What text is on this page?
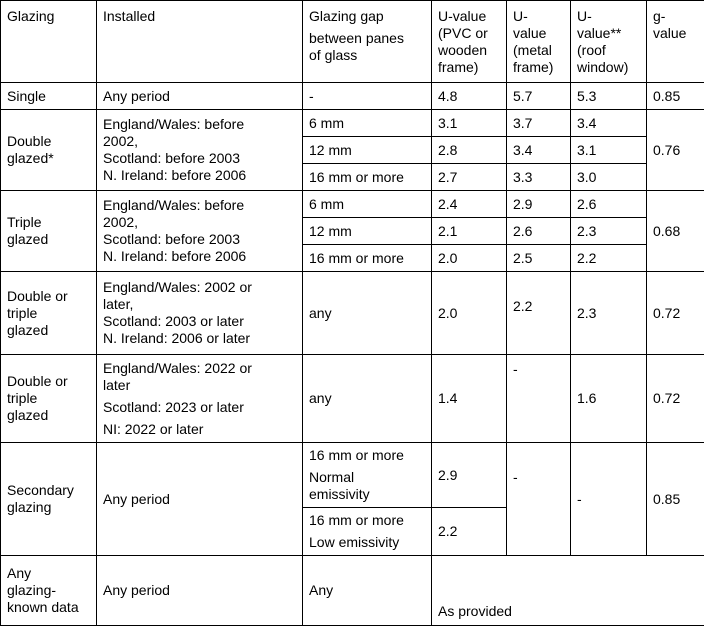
Glazing	Installed	Glazing gap
between panes
of glass	U-value
(PVC or
wooden
frame)	U-
value
(metal
frame)	U-
value**
(roof
window)	g-
value

Single	Any period	-	4.8	5.7	5.3	0.85

Double
glazed*	England/Wales: before
2002,
Scotland: before 2003
N. Ireland: before 2006	6 mm	3.1	3.7	3.4	0.76
		12 mm	2.8	3.4	3.1	
		16 mm or more	2.7	3.3	3.0	

Triple
glazed	England/Wales: before
2002,
Scotland: before 2003
N. Ireland: before 2006	6 mm	2.4	2.9	2.6	0.68
		12 mm	2.1	2.6	2.3	
		16 mm or more	2.0	2.5	2.2	

Double or
triple
glazed	England/Wales: 2002 or
later,
Scotland: 2003 or later
N. Ireland: 2006 or later	any	2.0	2.2	2.3	0.72

Double or
triple
glazed	England/Wales: 2022 or
later
Scotland: 2023 or later
NI: 2022 or later	any	1.4	-	1.6	0.72

Secondary
glazing	Any period	16 mm or more
Normal
emissivity	2.9	-	-	0.85

		16 mm or more
Low emissivity	2.2			

Any
glazing-
known data	Any period	Any	As provided			
